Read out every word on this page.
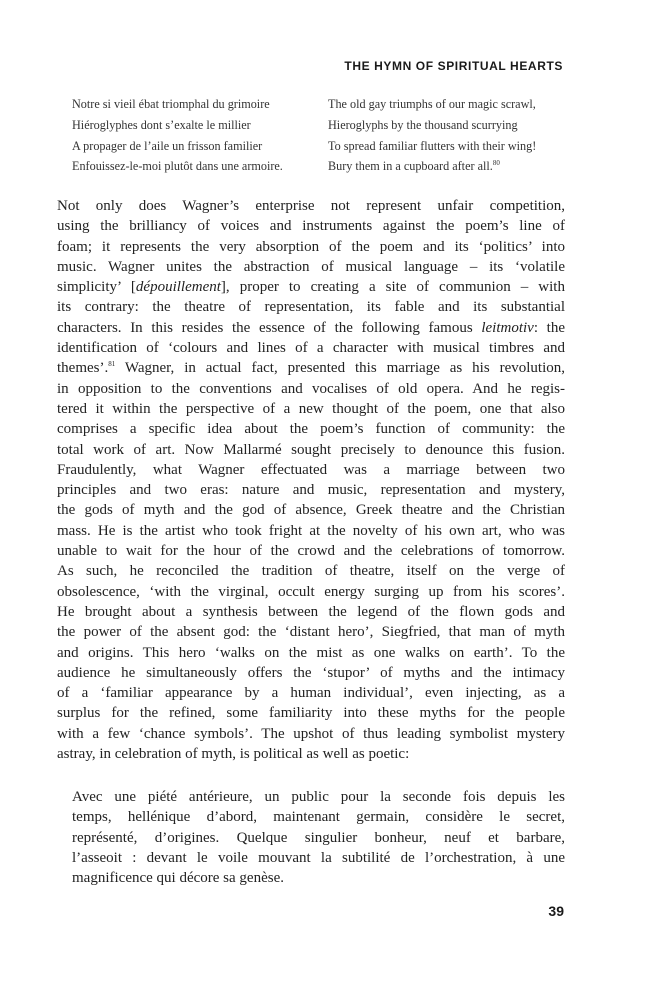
THE HYMN OF SPIRITUAL HEARTS
Notre si vieil ébat triomphal du grimoire	The old gay triumphs of our magic scrawl,
Hiéroglyphes dont s’exalte le millier	Hieroglyphs by the thousand scurrying
A propager de l’aile un frisson familier	To spread familiar flutters with their wing!
Enfouissez-le-moi plutôt dans une armoire.	Bury them in a cupboard after all.$^{80}$
Not only does Wagner’s enterprise not represent unfair competition,
using the brilliancy of voices and instruments against the poem’s line of
foam; it represents the very absorption of the poem and its ‘politics’ into
music. Wagner unites the abstraction of musical language – its ‘volatile
simplicity’ [dépouillement], proper to creating a site of communion – with
its contrary: the theatre of representation, its fable and its substantial
characters. In this resides the essence of the following famous leitmotiv: the
identification of ‘colours and lines of a character with musical timbres and
themes’.$^{81}$ Wagner, in actual fact, presented this marriage as his revolution,
in opposition to the conventions and vocalises of old opera. And he regis-
tered it within the perspective of a new thought of the poem, one that also
comprises a specific idea about the poem’s function of community: the
total work of art. Now Mallarmé sought precisely to denounce this fusion.
Fraudulently, what Wagner effectuated was a marriage between two
principles and two eras: nature and music, representation and mystery,
the gods of myth and the god of absence, Greek theatre and the Christian
mass. He is the artist who took fright at the novelty of his own art, who was
unable to wait for the hour of the crowd and the celebrations of tomorrow.
As such, he reconciled the tradition of theatre, itself on the verge of
obsolescence, ‘with the virginal, occult energy surging up from his scores’.
He brought about a synthesis between the legend of the flown gods and
the power of the absent god: the ‘distant hero’, Siegfried, that man of myth
and origins. This hero ‘walks on the mist as one walks on earth’. To the
audience he simultaneously offers the ‘stupor’ of myths and the intimacy
of a ‘familiar appearance by a human individual’, even injecting, as a
surplus for the refined, some familiarity into these myths for the people
with a few ‘chance symbols’. The upshot of thus leading symbolist mystery
astray, in celebration of myth, is political as well as poetic:
Avec une piété antérieure, un public pour la seconde fois depuis les
temps, hellénique d’abord, maintenant germain, considère le secret,
représenté, d’origines. Quelque singulier bonheur, neuf et barbare,
l’asseoit : devant le voile mouvant la subtilité de l’orchestration, à une
magnificence qui décore sa genèse.
39
